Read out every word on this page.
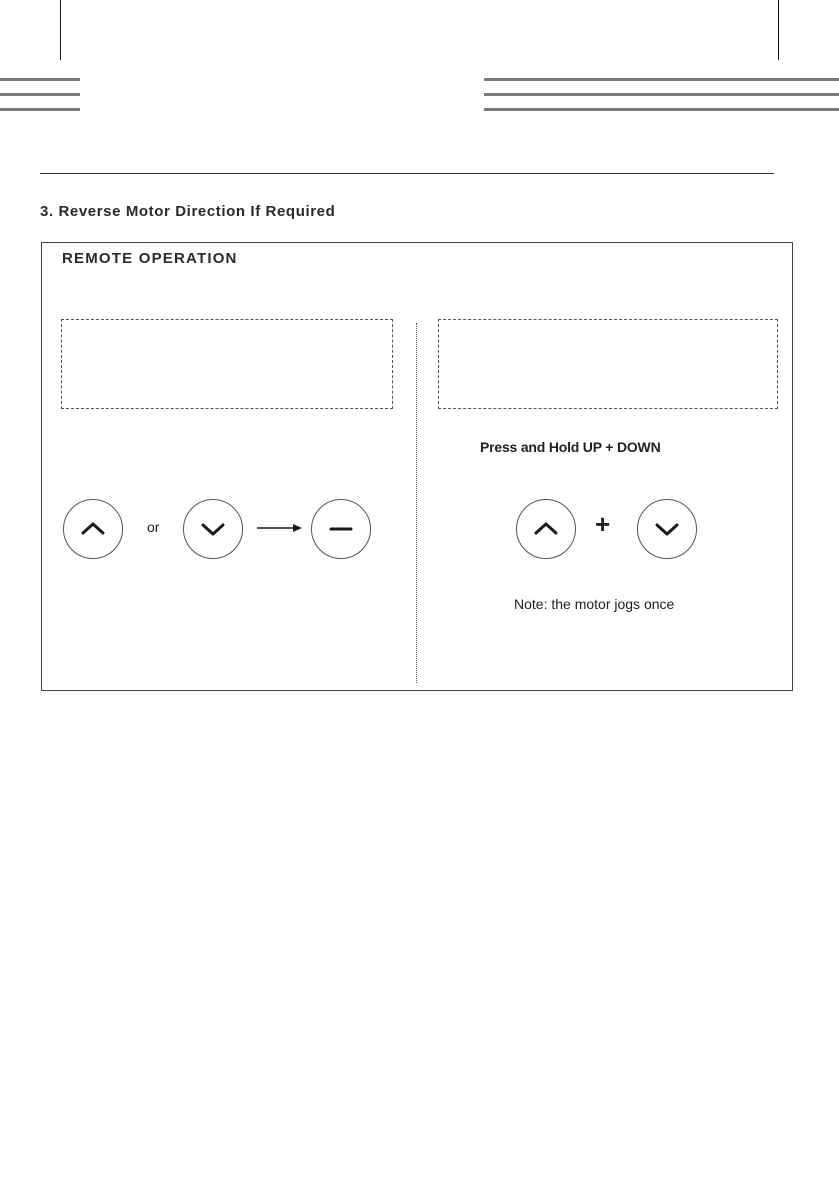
3. Reverse Motor Direction If Required
REMOTE OPERATION
or
Press and Hold UP + DOWN
+
Note: the motor jogs once
